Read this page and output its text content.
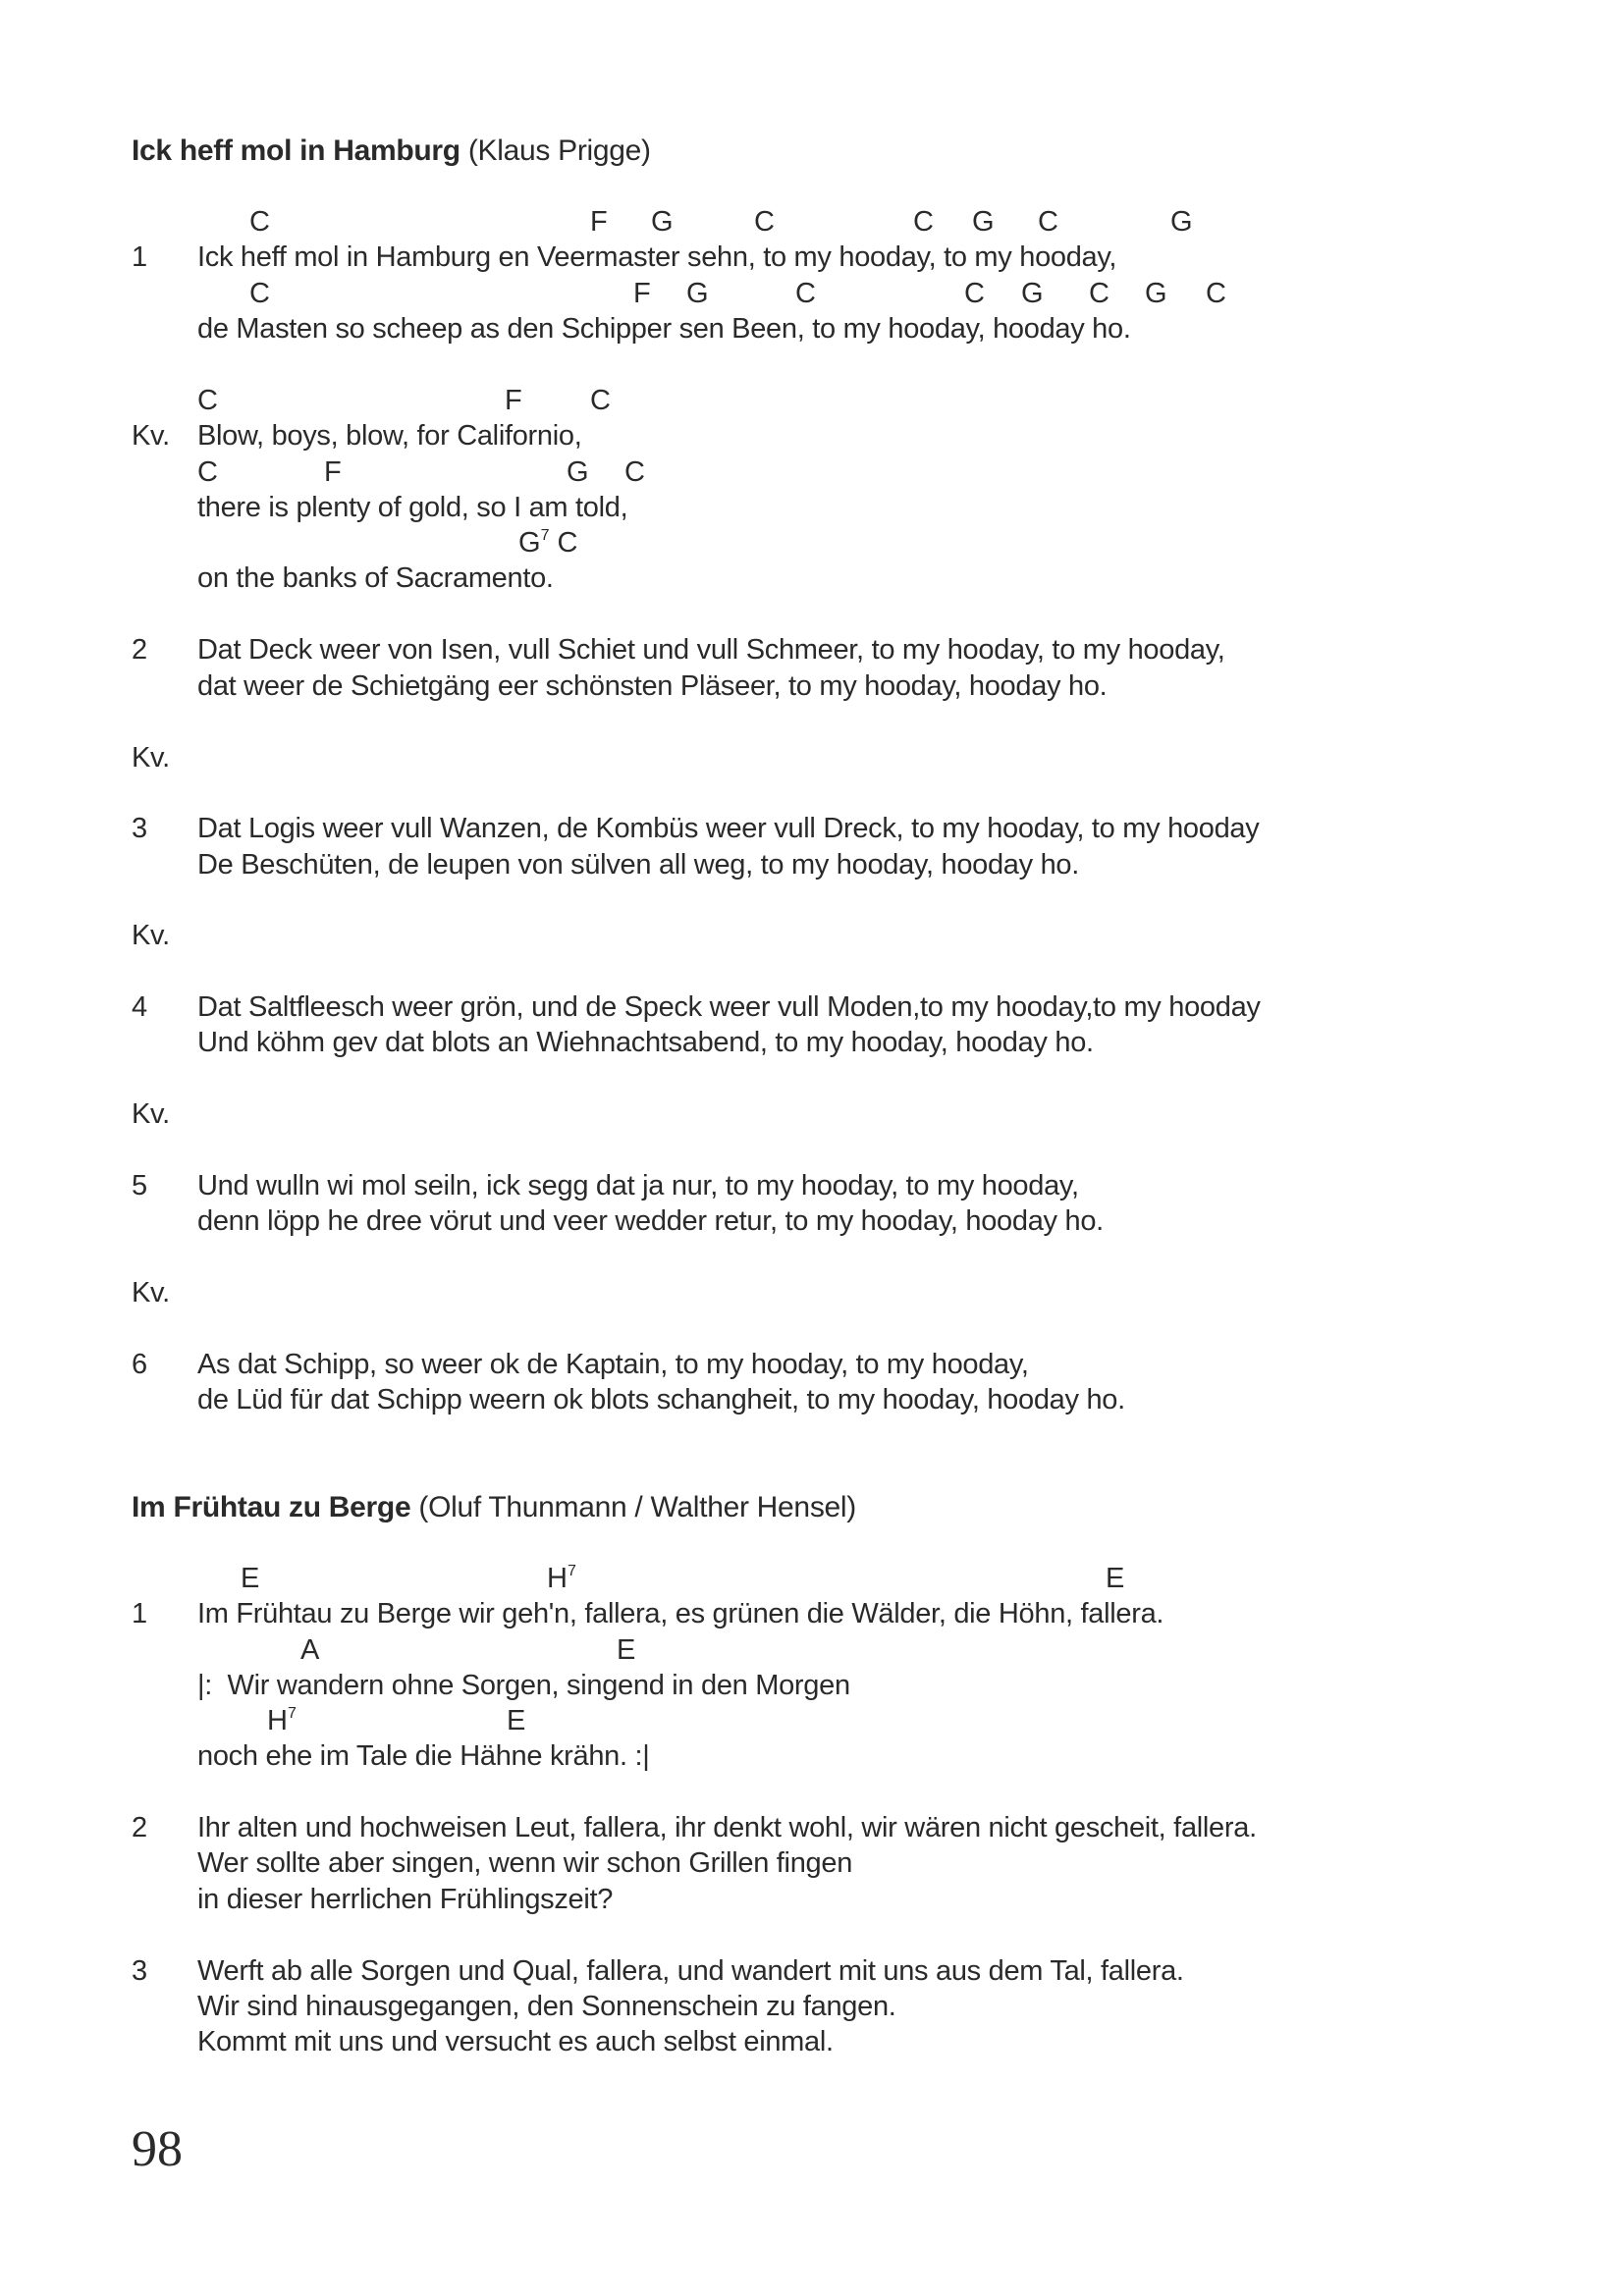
Ick heff mol in Hamburg (Klaus Prigge)
C	F G	C	C G C	G
1 Ick heff mol in Hamburg en Veermaster sehn, to my hooday, to my hooday,
C	F G	C	C G C G C
de Masten so scheep as den Schipper sen Been, to my hooday, hooday ho.
C	F C
Kv. Blow, boys, blow, for Californio,
C	F	G C
there is plenty of gold, so I am told,
$G^7$ C
on the banks of Sacramento.
2 Dat Deck weer von Isen, vull Schiet und vull Schmeer, to my hooday, to my hooday,
dat weer de Schietgäng eer schönsten Pläseer, to my hooday, hooday ho.
Kv.
3 Dat Logis weer vull Wanzen, de Kombüs weer vull Dreck, to my hooday, to my hooday
De Beschüten, de leupen von sülven all weg, to my hooday, hooday ho.
Kv.
4 Dat Saltfleesch weer grön, und de Speck weer vull Moden,to my hooday,to my hooday
Und köhm gev dat blots an Wiehnachtsabend, to my hooday, hooday ho.
Kv.
5 Und wulln wi mol seiln, ick segg dat ja nur, to my hooday, to my hooday,
denn löpp he dree vörut und veer wedder retur, to my hooday, hooday ho.
Kv.
6 As dat Schipp, so weer ok de Kaptain, to my hooday, to my hooday,
de Lüd für dat Schipp weern ok blots schangheit, to my hooday, hooday ho.
Im Frühtau zu Berge (Oluf Thunmann / Walther Hensel)
E	$H^7$	E
1 Im Frühtau zu Berge wir geh'n, fallera, es grünen die Wälder, die Höhn, fallera.
A	E
|:  Wir wandern ohne Sorgen, singend in den Morgen
$H^7$	E
noch ehe im Tale die Hähne krähn. :|
2 Ihr alten und hochweisen Leut, fallera, ihr denkt wohl, wir wären nicht gescheit, fallera.
Wer sollte aber singen, wenn wir schon Grillen fingen
in dieser herrlichen Frühlingszeit?
3 Werft ab alle Sorgen und Qual, fallera, und wandert mit uns aus dem Tal, fallera.
Wir sind hinausgegangen, den Sonnenschein zu fangen.
Kommt mit uns und versucht es auch selbst einmal.
98
